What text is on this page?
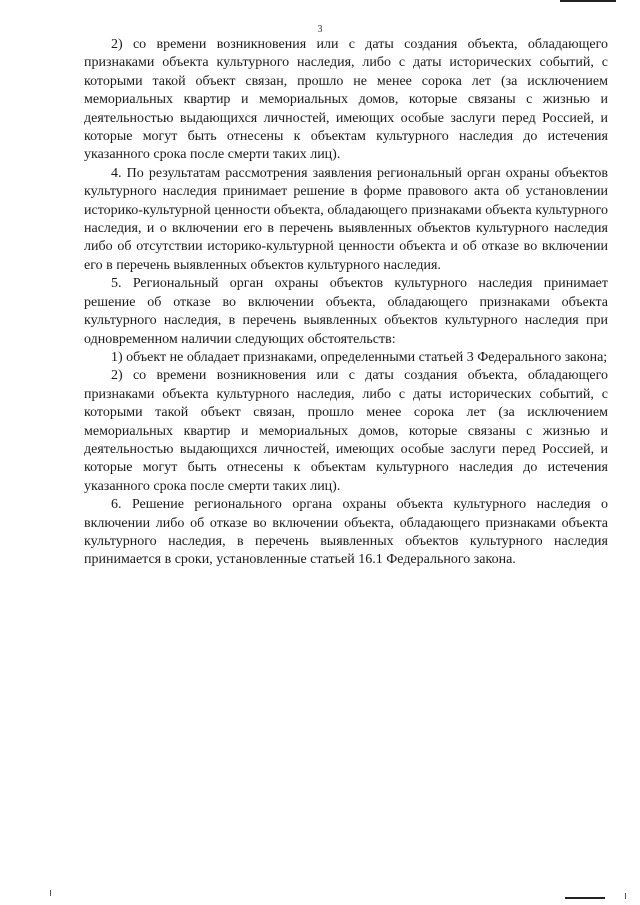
3

2) со времени возникновения или с даты создания объекта, обладающего признаками объекта культурного наследия, либо с даты исторических событий, с которыми такой объект связан, прошло не менее сорока лет (за исключением мемориальных квартир и мемориальных домов, которые связаны с жизнью и деятельностью выдающихся личностей, имеющих особые заслуги перед Россией, и которые могут быть отнесены к объектам культурного наследия до истечения указанного срока после смерти таких лиц).

4. По результатам рассмотрения заявления региональный орган охраны объектов культурного наследия принимает решение в форме правового акта об установлении историко-культурной ценности объекта, обладающего признаками объекта культурного наследия, и о включении его в перечень выявленных объектов культурного наследия либо об отсутствии историко-культурной ценности объекта и об отказе во включении его в перечень выявленных объектов культурного наследия.

5. Региональный орган охраны объектов культурного наследия принимает решение об отказе во включении объекта, обладающего признаками объекта культурного наследия, в перечень выявленных объектов культурного наследия при одновременном наличии следующих обстоятельств:

1) объект не обладает признаками, определенными статьей 3 Федерального закона;

2) со времени возникновения или с даты создания объекта, обладающего признаками объекта культурного наследия, либо с даты исторических событий, с которыми такой объект связан, прошло менее сорока лет (за исключением мемориальных квартир и мемориальных домов, которые связаны с жизнью и деятельностью выдающихся личностей, имеющих особые заслуги перед Россией, и которые могут быть отнесены к объектам культурного наследия до истечения указанного срока после смерти таких лиц).

6. Решение регионального органа охраны объекта культурного наследия о включении либо об отказе во включении объекта, обладающего признаками объекта культурного наследия, в перечень выявленных объектов культурного наследия принимается в сроки, установленные статьей 16.1 Федерального закона.
